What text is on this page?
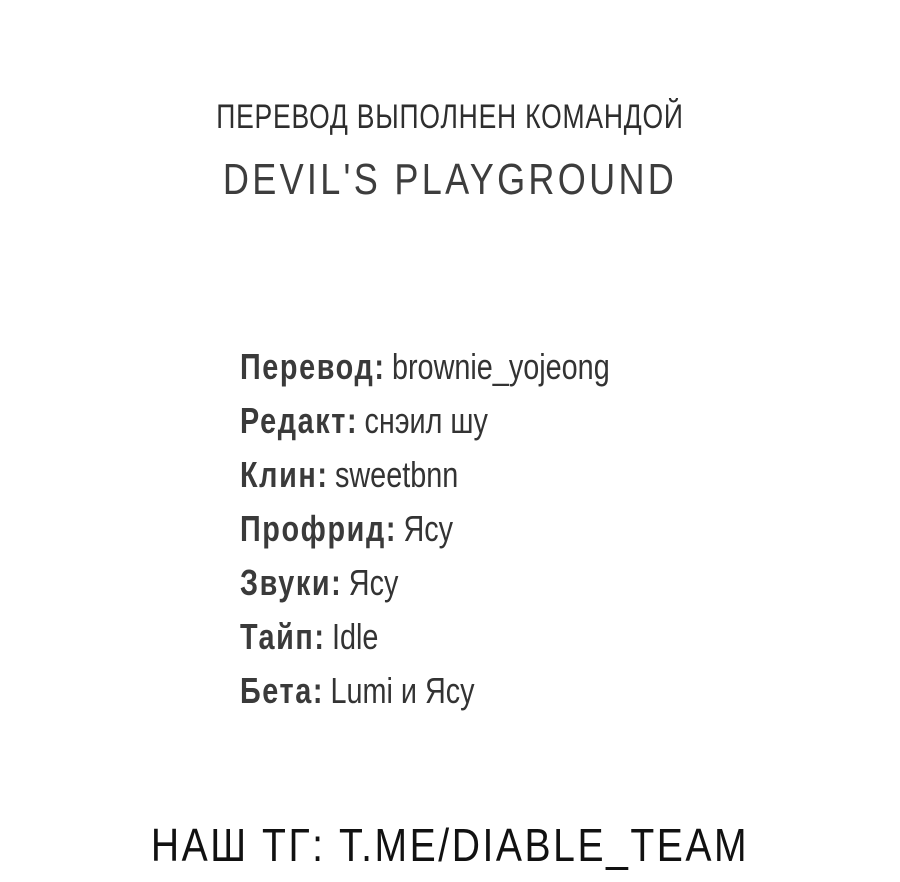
ПЕРЕВОД ВЫПОЛНЕН КОМАНДОЙ
DEVIL'S PLAYGROUND
Перевод: brownie_yojeong
Редакт: снэил шу
Клин: sweetbnn
Профрид: Ясу
Звуки: Ясу
Тайп: Idle
Бета: Lumi и Ясу
НАШ ТГ: T.ME/DIABLE_TEAM
